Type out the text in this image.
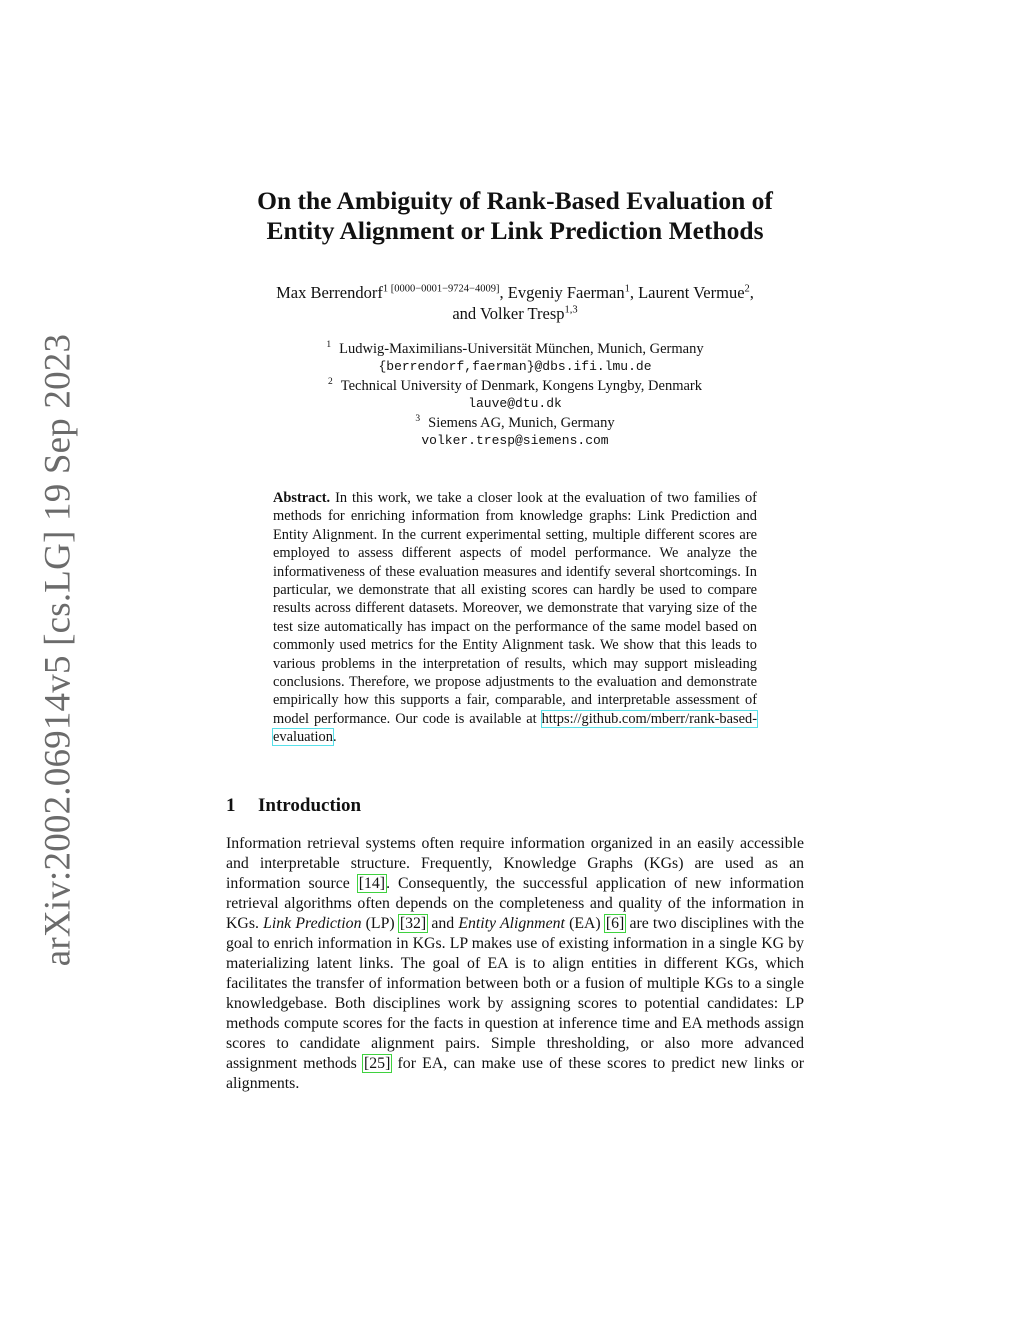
arXiv:2002.06914v5 [cs.LG] 19 Sep 2023
On the Ambiguity of Rank-Based Evaluation of
Entity Alignment or Link Prediction Methods
Max Berrendorf$^{1 [0000-0001-9724-4009]}$, Evgeniy Faerman$^1$, Laurent Vermue$^2$,
and Volker Tresp$^{1,3}$
$^1$ Ludwig-Maximilians-Universität München, Munich, Germany
{berrendorf,faerman}@dbs.ifi.lmu.de
$^2$ Technical University of Denmark, Kongens Lyngby, Denmark
lauve@dtu.dk
$^3$ Siemens AG, Munich, Germany
volker.tresp@siemens.com
Abstract. In this work, we take a closer look at the evaluation of two families of methods for enriching information from knowledge graphs: Link Prediction and Entity Alignment. In the current experimental setting, multiple different scores are employed to assess different aspects of model performance. We analyze the informativeness of these evaluation measures and identify several shortcomings. In particular, we demonstrate that all existing scores can hardly be used to compare results across different datasets. Moreover, we demonstrate that varying size of the test size automatically has impact on the performance of the same model based on commonly used metrics for the Entity Alignment task. We show that this leads to various problems in the interpretation of results, which may support misleading conclusions. Therefore, we propose adjustments to the evaluation and demonstrate empirically how this supports a fair, comparable, and interpretable assessment of model performance. Our code is available at https://github.com/mberr/rank-based-evaluation.
1 Introduction
Information retrieval systems often require information organized in an easily accessible and interpretable structure. Frequently, Knowledge Graphs (KGs) are used as an information source [14]. Consequently, the successful application of new information retrieval algorithms often depends on the completeness and quality of the information in KGs. Link Prediction (LP) [32] and Entity Alignment (EA) [6] are two disciplines with the goal to enrich information in KGs. LP makes use of existing information in a single KG by materializing latent links. The goal of EA is to align entities in different KGs, which facilitates the transfer of information between both or a fusion of multiple KGs to a single knowledgebase. Both disciplines work by assigning scores to potential candidates: LP methods compute scores for the facts in question at inference time and EA methods assign scores to candidate alignment pairs. Simple thresholding, or also more advanced assignment methods [25] for EA, can make use of these scores to predict new links or alignments.
